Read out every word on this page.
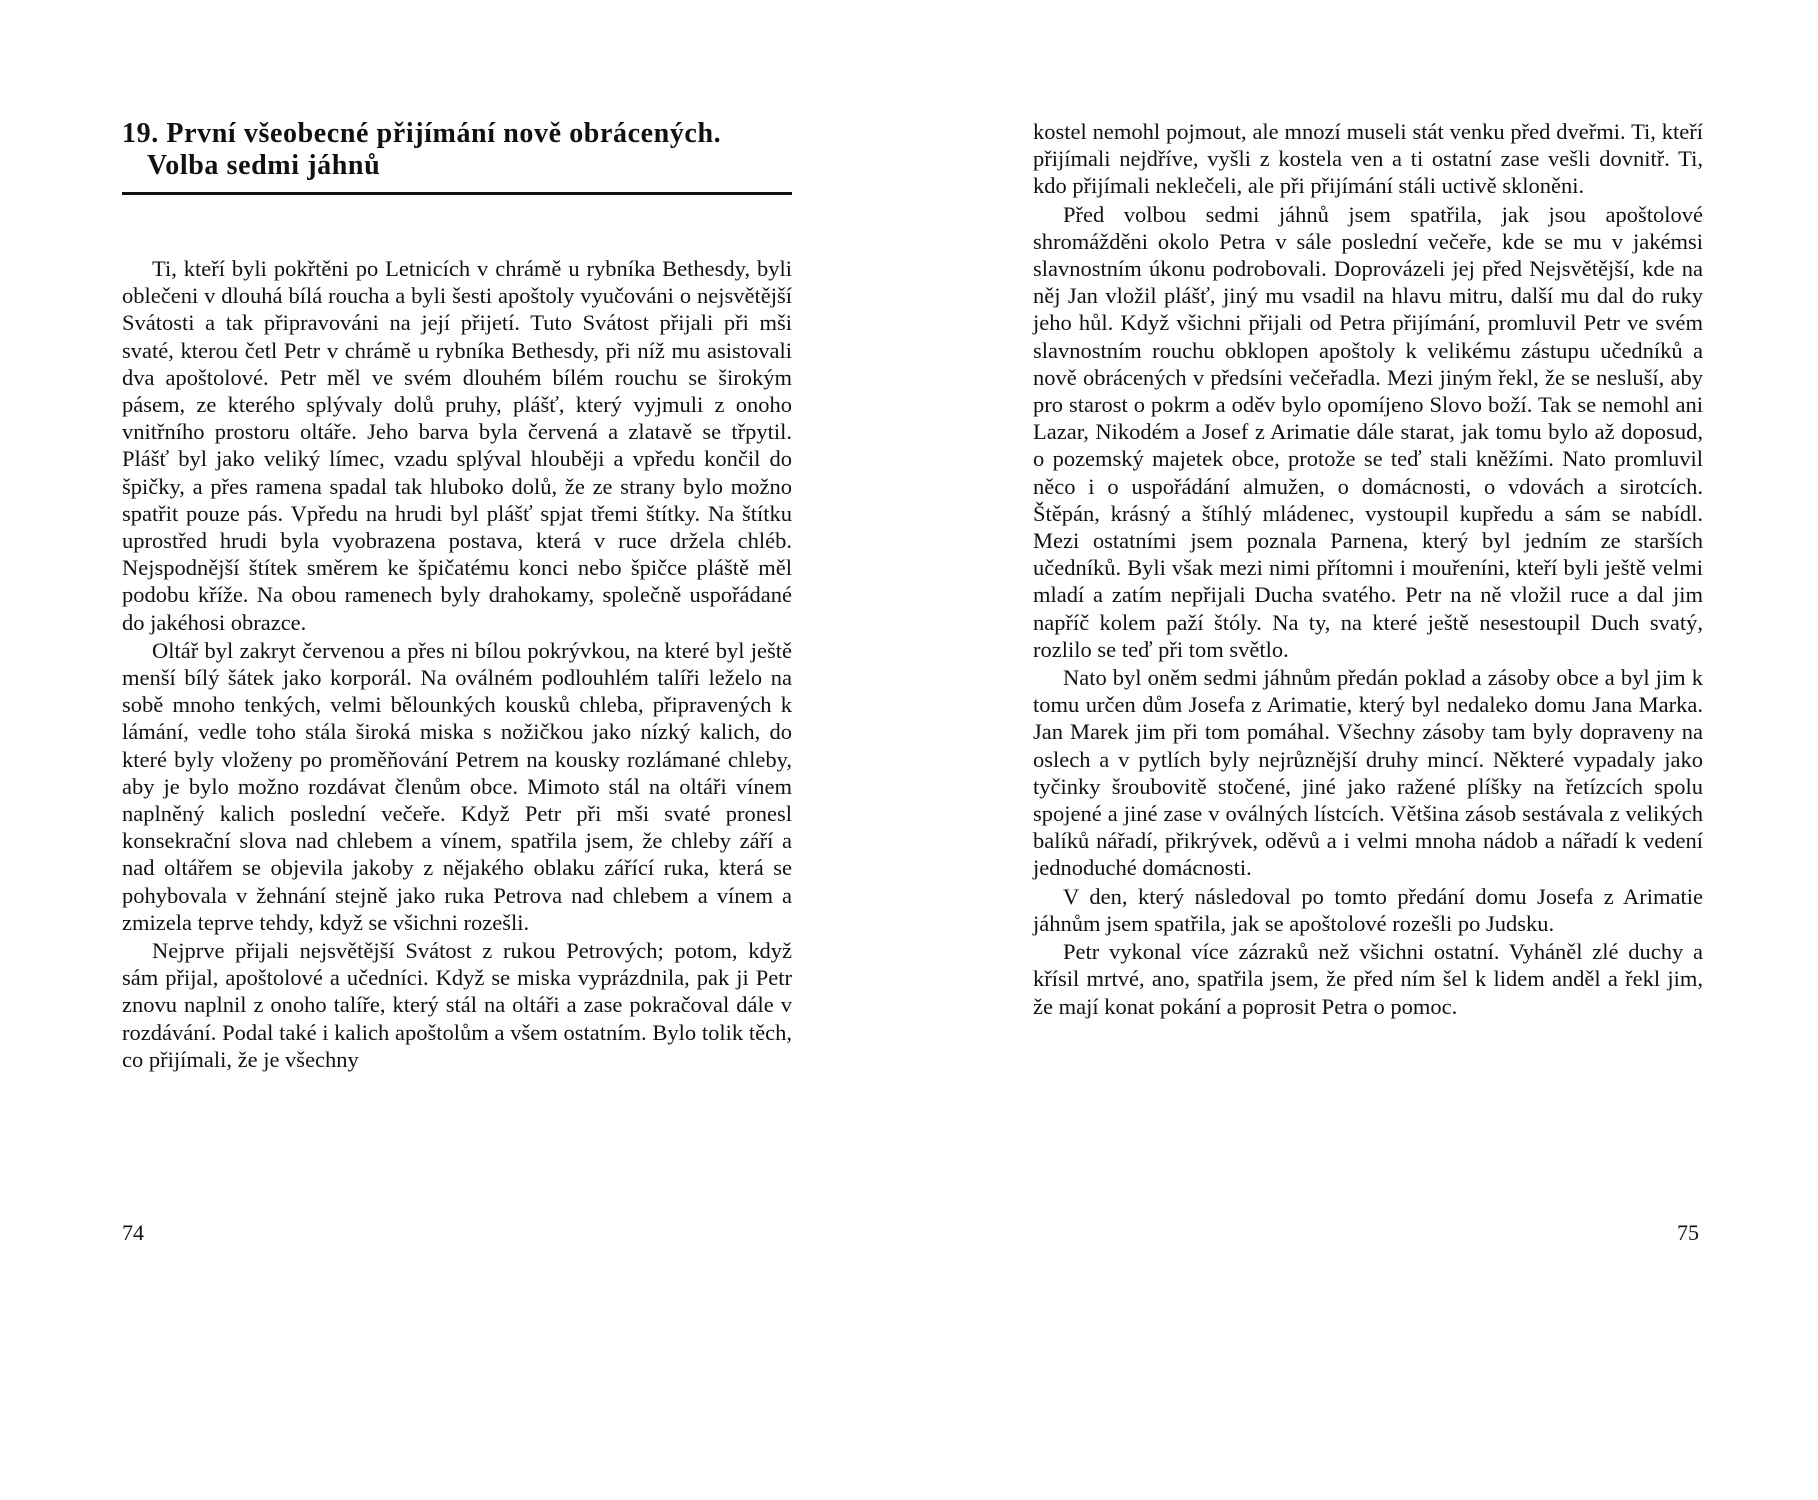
19. První všeobecné přijímání nově obrácených.
Volba sedmi jáhnů

Ti, kteří byli pokřtěni po Letnicích v chrámě u rybníka Bethesdy, byli oblečeni v dlouhá bílá roucha a byli šesti apoštoly vyučováni o nejsvětější Svátosti a tak připravováni na její přijetí. Tuto Svátost přijali při mši svaté, kterou četl Petr v chrámě u rybníka Bethesdy, při níž mu asistovali dva apoštolové. Petr měl ve svém dlouhém bílém rouchu se širokým pásem, ze kterého splývaly dolů pruhy, plášť, který vyjmuli z onoho vnitřního prostoru oltáře. Jeho barva byla červená a zlatavě se třpytil. Plášť byl jako veliký límec, vzadu splýval hlouběji a vpředu končil do špičky, a přes ramena spadal tak hluboko dolů, že ze strany bylo možno spatřit pouze pás. Vpředu na hrudi byl plášť spjat třemi štítky. Na štítku uprostřed hrudi byla vyobrazena postava, která v ruce držela chléb. Nejspodnější štítek směrem ke špičatému konci nebo špičce pláště měl podobu kříže. Na obou ramenech byly drahokamy, společně uspořádané do jakéhosi obrazce.

Oltář byl zakryt červenou a přes ni bílou pokrývkou, na které byl ještě menší bílý šátek jako korporál. Na oválném podlouhlém talíři leželo na sobě mnoho tenkých, velmi bělounkých kousků chleba, připravených k lámání, vedle toho stála široká miska s nožičkou jako nízký kalich, do které byly vloženy po proměňování Petrem na kousky rozlámané chleby, aby je bylo možno rozdávat členům obce. Mimoto stál na oltáři vínem naplněný kalich poslední večeře. Když Petr při mši svaté pronesl konsekrační slova nad chlebem a vínem, spatřila jsem, že chleby září a nad oltářem se objevila jakoby z nějakého oblaku zářící ruka, která se pohybovala v žehnání stejně jako ruka Petrova nad chlebem a vínem a zmizela teprve tehdy, když se všichni rozešli.

Nejprve přijali nejsvětější Svátost z rukou Petrových; potom, když sám přijal, apoštolové a učedníci. Když se miska vyprázdnila, pak ji Petr znovu naplnil z onoho talíře, který stál na oltáři a zase pokračoval dále v rozdávání. Podal také i kalich apoštolům a všem ostatním. Bylo tolik těch, co přijímali, že je všechny

74

kostel nemohl pojmout, ale mnozí museli stát venku před dveřmi. Ti, kteří přijímali nejdříve, vyšli z kostela ven a ti ostatní zase vešli dovnitř. Ti, kdo přijímali neklečeli, ale při přijímání stáli uctivě skloněni.

Před volbou sedmi jáhnů jsem spatřila, jak jsou apoštolové shromážděni okolo Petra v sále poslední večeře, kde se mu v jakémsi slavnostním úkonu podrobovali. Doprovázeli jej před Nejsvětější, kde na něj Jan vložil plášť, jiný mu vsadil na hlavu mitru, další mu dal do ruky jeho hůl. Když všichni přijali od Petra přijímání, promluvil Petr ve svém slavnostním rouchu obklopen apoštoly k velikému zástupu učedníků a nově obrácených v předsíni večeřadla. Mezi jiným řekl, že se nesluší, aby pro starost o pokrm a oděv bylo opomíjeno Slovo boží. Tak se nemohl ani Lazar, Nikodém a Josef z Arimatie dále starat, jak tomu bylo až doposud, o pozemský majetek obce, protože se teď stali kněžími. Nato promluvil něco i o uspořádání almužen, o domácnosti, o vdovách a sirotcích. Štěpán, krásný a štíhlý mládenec, vystoupil kupředu a sám se nabídl. Mezi ostatními jsem poznala Parnena, který byl jedním ze starších učedníků. Byli však mezi nimi přítomni i mouřeníni, kteří byli ještě velmi mladí a zatím nepřijali Ducha svatého. Petr na ně vložil ruce a dal jim napříč kolem paží štóly. Na ty, na které ještě nesestoupil Duch svatý, rozlilo se teď při tom světlo.

Nato byl oněm sedmi jáhnům předán poklad a zásoby obce a byl jim k tomu určen dům Josefa z Arimatie, který byl nedaleko domu Jana Marka. Jan Marek jim při tom pomáhal. Všechny zásoby tam byly dopraveny na oslech a v pytlích byly nejrůznější druhy mincí. Některé vypadaly jako tyčinky šroubovitě stočené, jiné jako ražené plíšky na řetízcích spolu spojené a jiné zase v oválných lístcích. Většina zásob sestávala z velikých balíků nářadí, přikrývek, oděvů a i velmi mnoha nádob a nářadí k vedení jednoduché domácnosti.

V den, který následoval po tomto předání domu Josefa z Arimatie jáhnům jsem spatřila, jak se apoštolové rozešli po Judsku.

Petr vykonal více zázraků než všichni ostatní. Vyháněl zlé duchy a křísil mrtvé, ano, spatřila jsem, že před ním šel k lidem anděl a řekl jim, že mají konat pokání a poprosit Petra o pomoc.

75
